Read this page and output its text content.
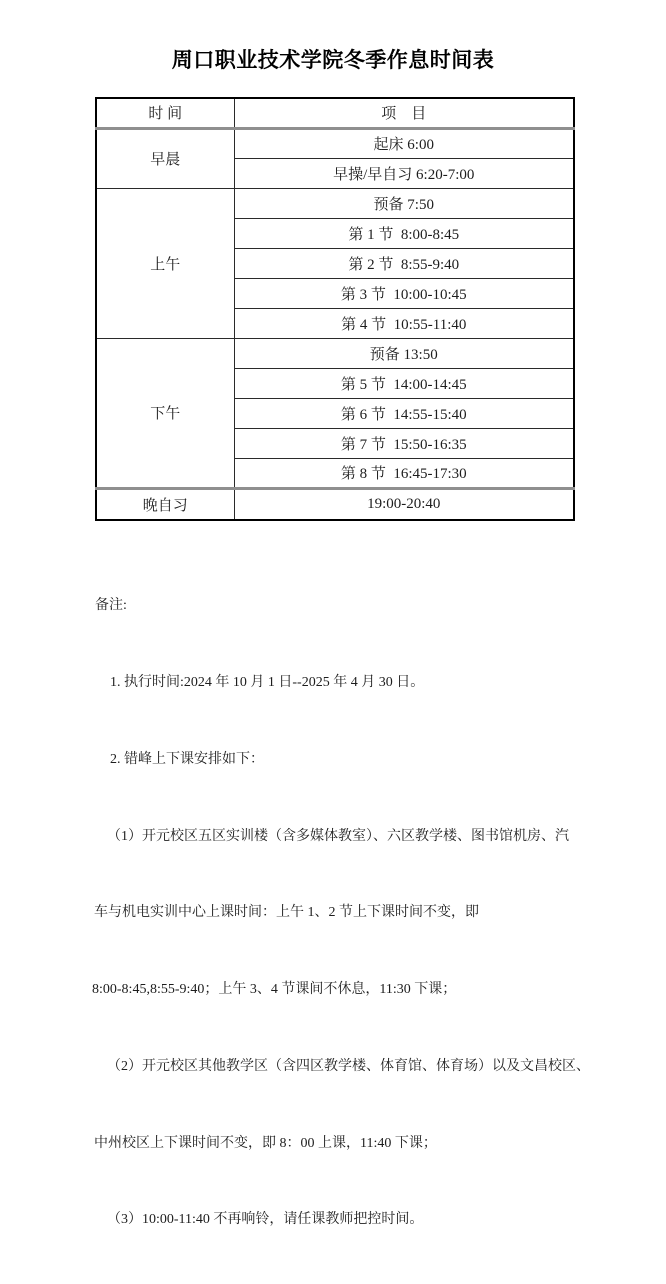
周口职业技术学院冬季作息时间表
时 间	项　目
早晨	起床 6:00
	早操/早自习 6:20-7:00
上午	预备 7:50
	第 1 节  8:00-8:45
	第 2 节  8:55-9:40
	第 3 节  10:00-10:45
	第 4 节  10:55-11:40
下午	预备 13:50
	第 5 节  14:00-14:45
	第 6 节  14:55-15:40
	第 7 节  15:50-16:35
	第 8 节  16:45-17:30
晚自习	19:00-20:40

备注:

1. 执行时间:2024 年 10 月 1 日--2025 年 4 月 30 日。

2. 错峰上下课安排如下：

（1）开元校区五区实训楼（含多媒体教室）、六区教学楼、图书馆机房、汽

车与机电实训中心上课时间：上午 1、2 节上下课时间不变，即

8:00-8:45,8:55-9:40；上午 3、4 节课间不休息，11:30 下课；

（2）开元校区其他教学区（含四区教学楼、体育馆、体育场）以及文昌校区、

中州校区上下课时间不变，即 8：00 上课，11:40 下课；

（3）10:00-11:40 不再响铃，请任课教师把控时间。
